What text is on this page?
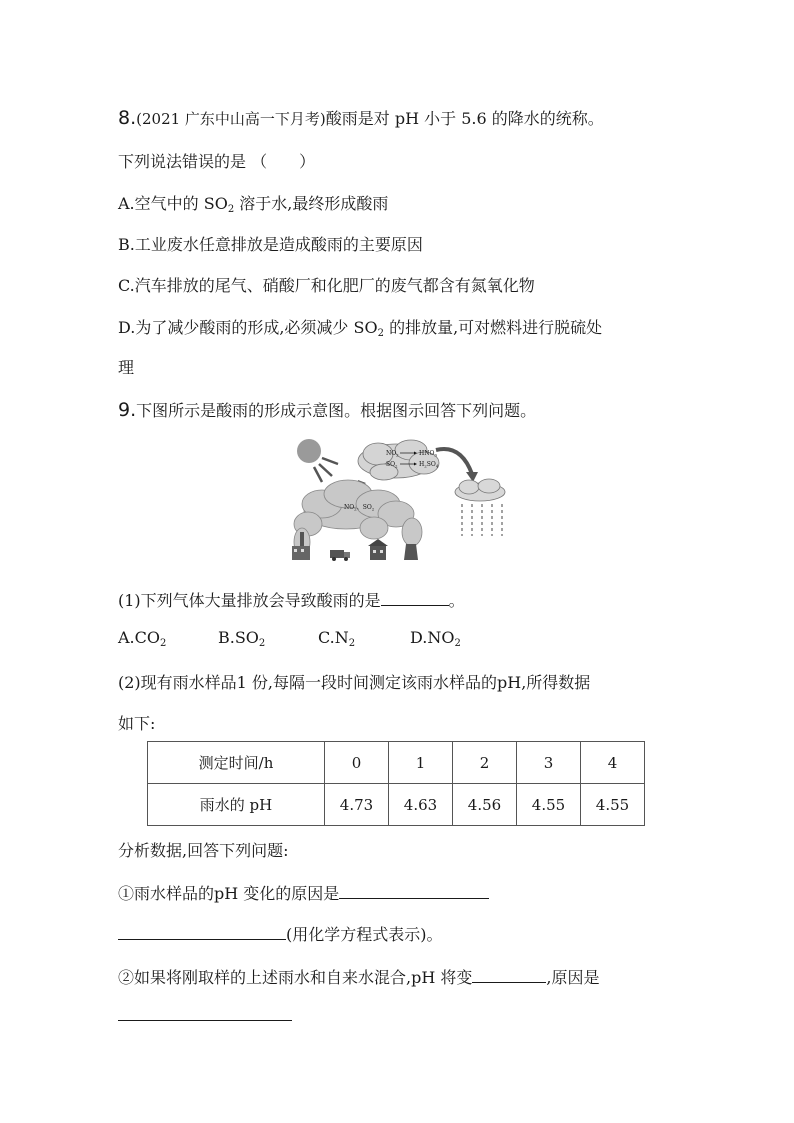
8.(2021 广东中山高一下月考)酸雨是对 pH 小于 5.6 的降水的统称。
下列说法错误的是 （　　）
A.空气中的 $SO_2$ 溶于水,最终形成酸雨
B.工业废水任意排放是造成酸雨的主要原因
C.汽车排放的尾气、硝酸厂和化肥厂的废气都含有氮氧化物
D.为了减少酸雨的形成,必须减少 $SO_2$ 的排放量,可对燃料进行脱硫处
理
9.下图所示是酸雨的形成示意图。根据图示回答下列问题。
$NO_2$	$HNO_3$
$SO_2$	$H_2SO_4$
$NO_2$、$SO_2$
(1)下列气体大量排放会导致酸雨的是	。
$A.CO_2$	$B.SO_2$	$C.N_2$	$D.NO_2$
(2)现有雨水样品1 份,每隔一段时间测定该雨水样品的pH,所得数据
如下:
测定时间/h	0	1	2	3	4
雨水的 pH	4.73	4.63	4.56	4.55	4.55
分析数据,回答下列问题:
①雨水样品的pH 变化的原因是
(用化学方程式表示)。
②如果将刚取样的上述雨水和自来水混合,pH 将变	,原因是
